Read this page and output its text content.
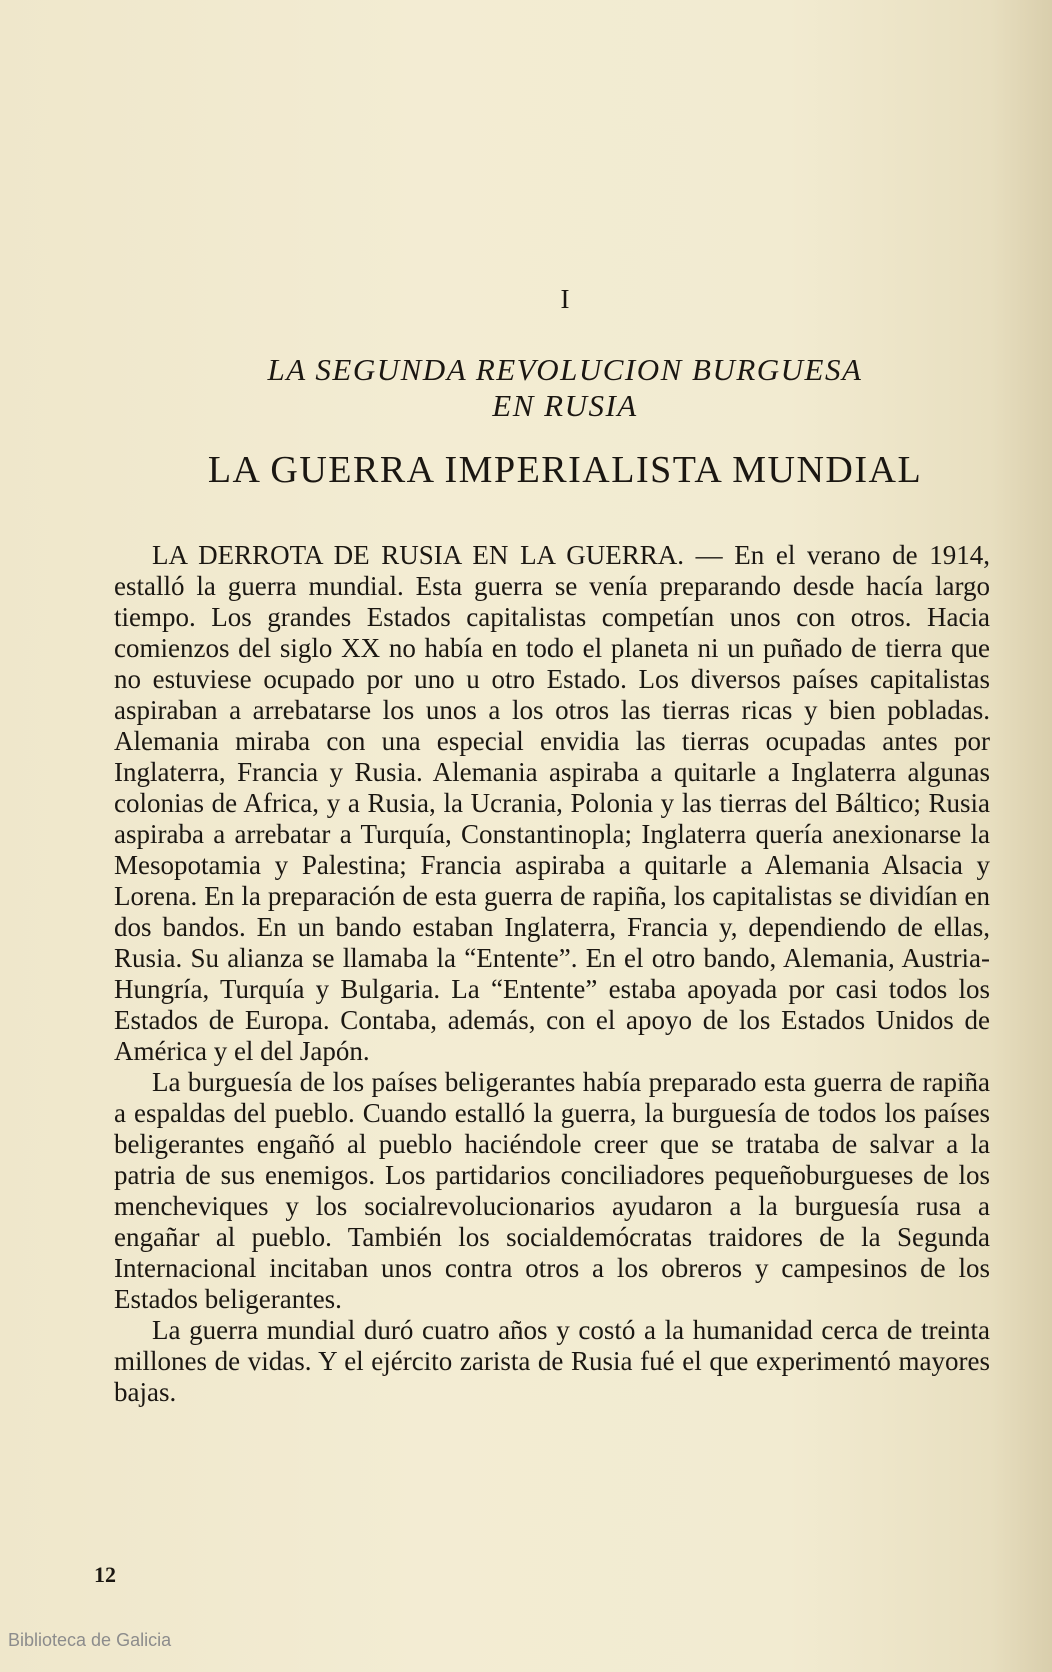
I
LA SEGUNDA REVOLUCION BURGUESA
EN RUSIA
LA GUERRA IMPERIALISTA MUNDIAL

LA DERROTA DE RUSIA EN LA GUERRA. — En el verano de 1914, estalló la guerra mundial. Esta guerra se venía preparando desde hacía largo tiempo. Los grandes Estados capitalistas competían unos con otros. Hacia comienzos del siglo XX no había en todo el planeta ni un puñado de tierra que no estuviese ocupado por uno u otro Estado. Los diversos países capitalistas aspiraban a arrebatarse los unos a los otros las tierras ricas y bien pobladas. Alemania miraba con una especial envidia las tierras ocupadas antes por Inglaterra, Francia y Rusia. Alemania aspiraba a quitarle a Inglaterra algunas colonias de Africa, y a Rusia, la Ucrania, Polonia y las tierras del Báltico; Rusia aspiraba a arrebatar a Turquía, Constantinopla; Inglaterra quería anexionarse la Mesopotamia y Palestina; Francia aspiraba a quitarle a Alemania Alsacia y Lorena. En la preparación de esta guerra de rapiña, los capitalistas se dividían en dos bandos. En un bando estaban Inglaterra, Francia y, dependiendo de ellas, Rusia. Su alianza se llamaba la “Entente”. En el otro bando, Alemania, Austria-Hungría, Turquía y Bulgaria. La “Entente” estaba apoyada por casi todos los Estados de Europa. Contaba, además, con el apoyo de los Estados Unidos de América y el del Japón.

La burguesía de los países beligerantes había preparado esta guerra de rapiña a espaldas del pueblo. Cuando estalló la guerra, la burguesía de todos los países beligerantes engañó al pueblo haciéndole creer que se trataba de salvar a la patria de sus enemigos. Los partidarios conciliadores pequeñoburgueses de los mencheviques y los socialrevolucionarios ayudaron a la burguesía rusa a engañar al pueblo. También los socialdemócratas traidores de la Segunda Internacional incitaban unos contra otros a los obreros y campesinos de los Estados beligerantes.

La guerra mundial duró cuatro años y costó a la humanidad cerca de treinta millones de vidas. Y el ejército zarista de Rusia fué el que experimentó mayores bajas.

12
Biblioteca de Galicia
